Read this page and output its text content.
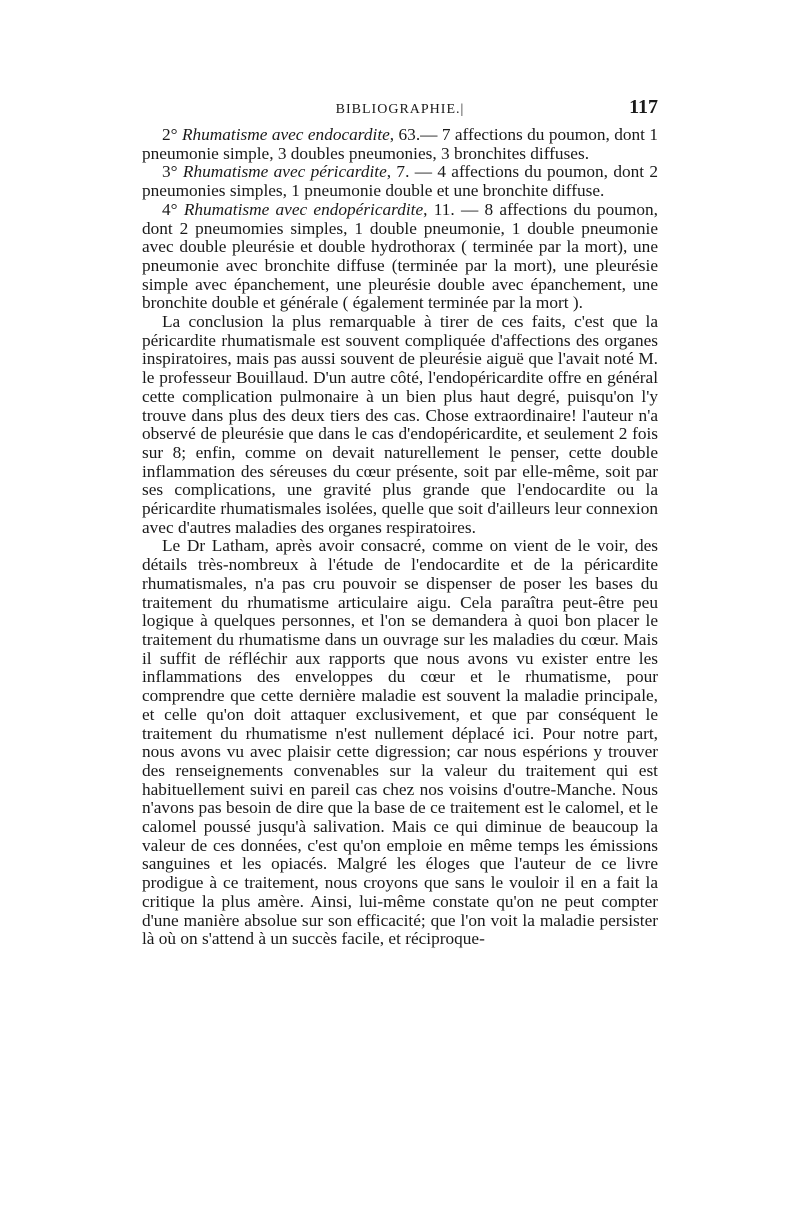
BIBLIOGRAPHIE.|	117

2° Rhumatisme avec endocardite, 63.— 7 affections du poumon, dont 1 pneumonie simple, 3 doubles pneumonies, 3 bronchites diffuses.

3° Rhumatisme avec péricardite, 7. — 4 affections du poumon, dont 2 pneumonies simples, 1 pneumonie double et une bronchite diffuse.

4° Rhumatisme avec endopéricardite, 11. — 8 affections du poumon, dont 2 pneumomies simples, 1 double pneumonie, 1 double pneumonie avec double pleurésie et double hydrothorax ( terminée par la mort), une pneumonie avec bronchite diffuse (terminée par la mort), une pleurésie simple avec épanchement, une pleurésie double avec épanchement, une bronchite double et générale ( également terminée par la mort ).

La conclusion la plus remarquable à tirer de ces faits, c'est que la péricardite rhumatismale est souvent compliquée d'affections des organes inspiratoires, mais pas aussi souvent de pleurésie aiguë que l'avait noté M. le professeur Bouillaud. D'un autre côté, l'endopéricardite offre en général cette complication pulmonaire à un bien plus haut degré, puisqu'on l'y trouve dans plus des deux tiers des cas. Chose extraordinaire! l'auteur n'a observé de pleurésie que dans le cas d'endopéricardite, et seulement 2 fois sur 8; enfin, comme on devait naturellement le penser, cette double inflammation des séreuses du cœur présente, soit par elle-même, soit par ses complications, une gravité plus grande que l'endocardite ou la péricardite rhumatismales isolées, quelle que soit d'ailleurs leur connexion avec d'autres maladies des organes respiratoires.

Le Dr Latham, après avoir consacré, comme on vient de le voir, des détails très-nombreux à l'étude de l'endocardite et de la péricardite rhumatismales, n'a pas cru pouvoir se dispenser de poser les bases du traitement du rhumatisme articulaire aigu. Cela paraîtra peut-être peu logique à quelques personnes, et l'on se demandera à quoi bon placer le traitement du rhumatisme dans un ouvrage sur les maladies du cœur. Mais il suffit de réfléchir aux rapports que nous avons vu exister entre les inflammations des enveloppes du cœur et le rhumatisme, pour comprendre que cette dernière maladie est souvent la maladie principale, et celle qu'on doit attaquer exclusivement, et que par conséquent le traitement du rhumatisme n'est nullement déplacé ici. Pour notre part, nous avons vu avec plaisir cette digression; car nous espérions y trouver des renseignements convenables sur la valeur du traitement qui est habituellement suivi en pareil cas chez nos voisins d'outre-Manche. Nous n'avons pas besoin de dire que la base de ce traitement est le calomel, et le calomel poussé jusqu'à salivation. Mais ce qui diminue de beaucoup la valeur de ces données, c'est qu'on emploie en même temps les émissions sanguines et les opiacés. Malgré les éloges que l'auteur de ce livre prodigue à ce traitement, nous croyons que sans le vouloir il en a fait la critique la plus amère. Ainsi, lui-même constate qu'on ne peut compter d'une manière absolue sur son efficacité; que l'on voit la maladie persister là où on s'attend à un succès facile, et réciproque-
